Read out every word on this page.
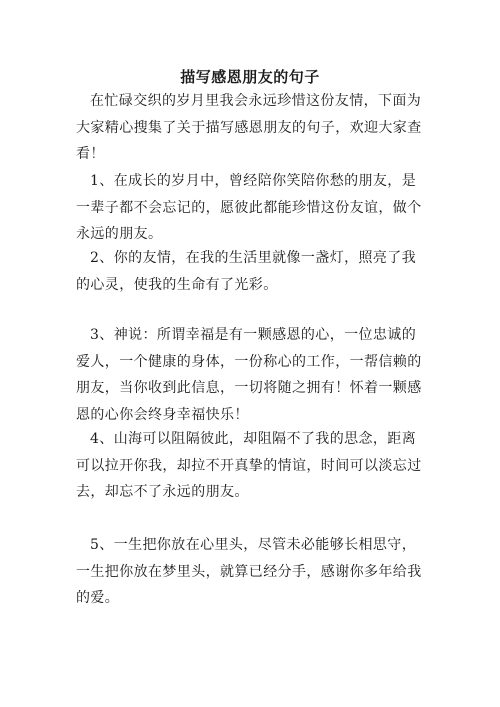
描写感恩朋友的句子
在忙碌交织的岁月里我会永远珍惜这份友情，下面为大家精心搜集了关于描写感恩朋友的句子，欢迎大家查看！
1、在成长的岁月中，曾经陪你笑陪你愁的朋友，是一辈子都不会忘记的，愿彼此都能珍惜这份友谊，做个永远的朋友。
2、你的友情，在我的生活里就像一盏灯，照亮了我的心灵，使我的生命有了光彩。
3、神说：所谓幸福是有一颗感恩的心，一位忠诚的爱人，一个健康的身体，一份称心的工作，一帮信赖的朋友，当你收到此信息，一切将随之拥有！怀着一颗感恩的心你会终身幸福快乐！
4、山海可以阻隔彼此，却阻隔不了我的思念，距离可以拉开你我，却拉不开真挚的情谊，时间可以淡忘过去，却忘不了永远的朋友。
5、一生把你放在心里头，尽管未必能够长相思守，一生把你放在梦里头，就算已经分手，感谢你多年给我的爱。
